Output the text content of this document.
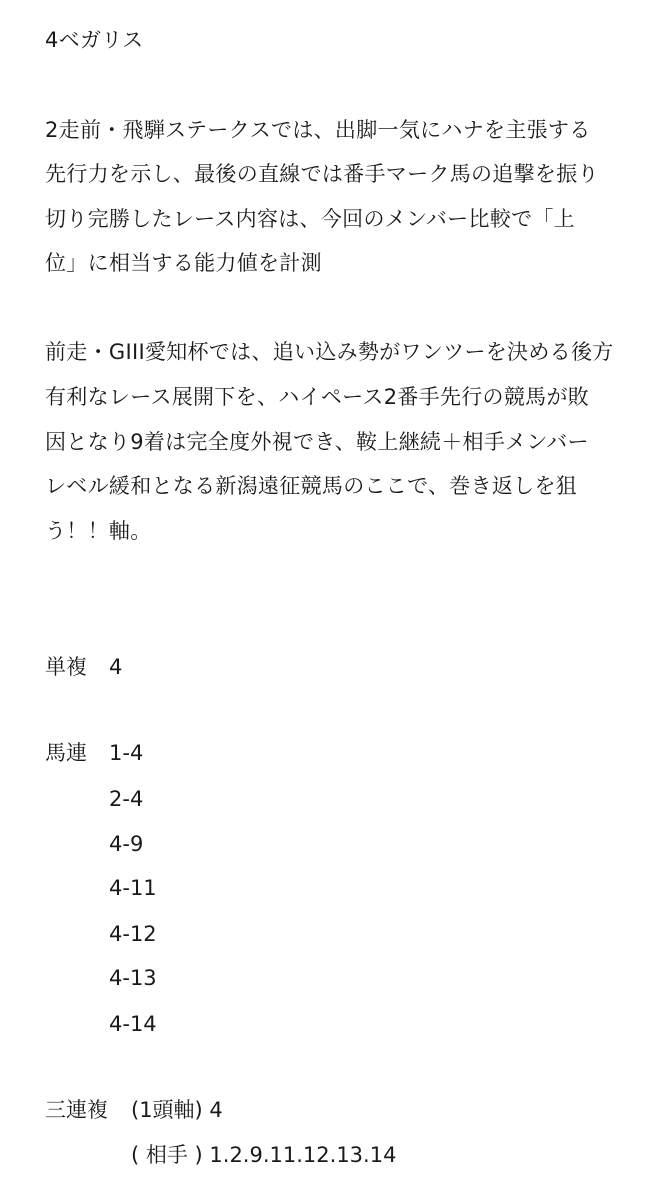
4ベガリス
2走前・飛騨ステークスでは、出脚一気にハナを主張する
先行力を示し、最後の直線では番手マーク馬の追撃を振り
切り完勝したレース内容は、今回のメンバー比較で「上
位」に相当する能力値を計測
前走・GIII愛知杯では、追い込み勢がワンツーを決める後方
有利なレース展開下を、ハイペース2番手先行の競馬が敗
因となり9着は完全度外視でき、鞍上継続＋相手メンバー
レベル緩和となる新潟遠征競馬のここで、巻き返しを狙
う！！軸。
単複 4
馬連 1-4
2-4
4-9
4-11
4-12
4-13
4-14
三連複 (1頭軸) 4
( 相手 ) 1.2.9.11.12.13.14
